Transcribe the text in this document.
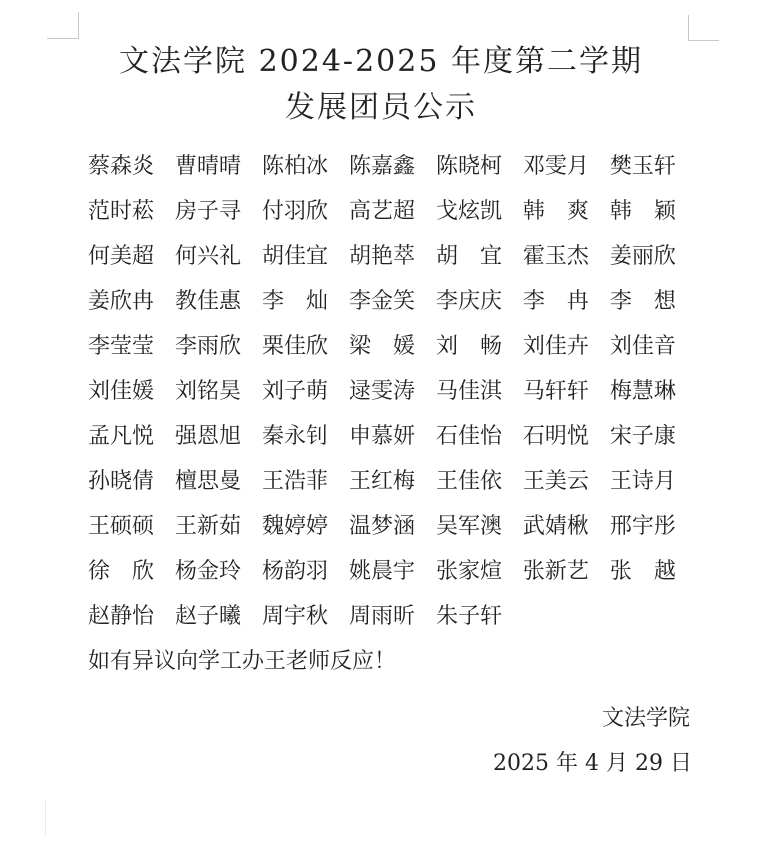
文法学院 2024-2025 年度第二学期
发展团员公示
蔡森炎 曹晴晴 陈柏冰 陈嘉鑫 陈晓柯 邓雯月 樊玉轩
范时菘 房子寻 付羽欣 高艺超 戈炫凯 韩　爽 韩　颖
何美超 何兴礼 胡佳宜 胡艳萃 胡　宜 霍玉杰 姜丽欣
姜欣冉 教佳惠 李　灿 李金笑 李庆庆 李　冉 李　想
李莹莹 李雨欣 栗佳欣 梁　媛 刘　畅 刘佳卉 刘佳音
刘佳媛 刘铭昊 刘子萌 逯雯涛 马佳淇 马轩轩 梅慧琳
孟凡悦 强恩旭 秦永钊 申慕妍 石佳怡 石明悦 宋子康
孙晓倩 檀思曼 王浩菲 王红梅 王佳依 王美云 王诗月
王硕硕 王新茹 魏婷婷 温梦涵 吴军澳 武婧楸 邢宇彤
徐　欣 杨金玲 杨韵羽 姚晨宇 张家煊 张新艺 张　越
赵静怡 赵子曦 周宇秋 周雨昕 朱子轩

如有异议向学工办王老师反应！

文法学院

2025 年 4 月 29 日
